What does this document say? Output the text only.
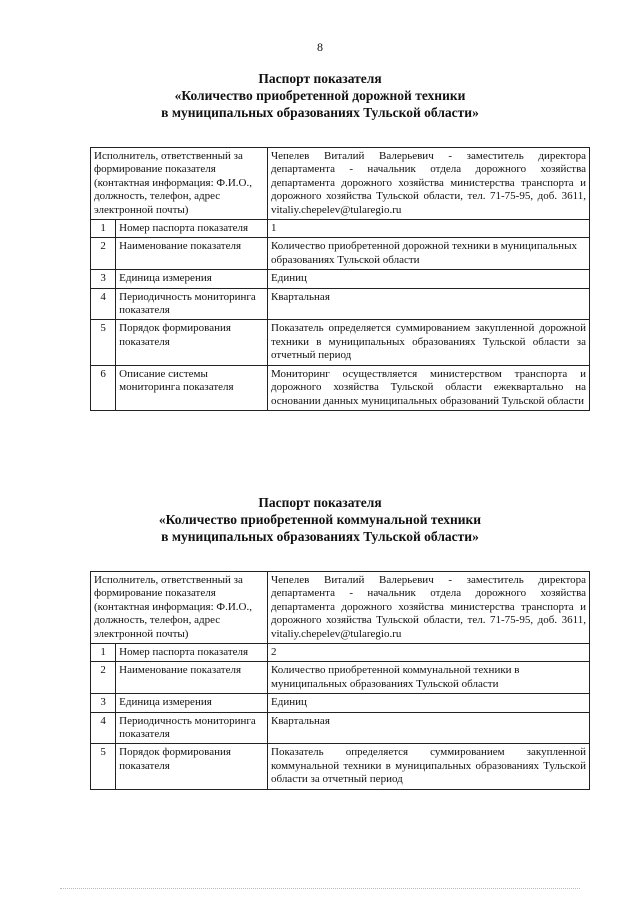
8
Паспорт показателя
«Количество приобретенной дорожной техники
в муниципальных образованиях Тульской области»
Исполнитель, ответственный за формирование показателя (контактная информация: Ф.И.О., должность, телефон, адрес электронной почты)		Чепелев Виталий Валерьевич - заместитель директора департамента - начальник отдела дорожного хозяйства департамента дорожного хозяйства министерства транспорта и дорожного хозяйства Тульской области, тел. 71-75-95, доб. 3611, vitaliy.chepelev@tularegio.ru
1	Номер паспорта показателя	1
2	Наименование показателя	Количество приобретенной дорожной техники в муниципальных образованиях Тульской области
3	Единица измерения	Единиц
4	Периодичность мониторинга показателя	Квартальная
5	Порядок формирования показателя	Показатель определяется суммированием закупленной дорожной техники в муниципальных образованиях Тульской области за отчетный период
6	Описание системы мониторинга показателя	Мониторинг осуществляется министерством транспорта и дорожного хозяйства Тульской области ежеквартально на основании данных муниципальных образований Тульской области
Паспорт показателя
«Количество приобретенной коммунальной техники
в муниципальных образованиях Тульской области»
Исполнитель, ответственный за формирование показателя (контактная информация: Ф.И.О., должность, телефон, адрес электронной почты)		Чепелев Виталий Валерьевич - заместитель директора департамента - начальник отдела дорожного хозяйства департамента дорожного хозяйства министерства транспорта и дорожного хозяйства Тульской области, тел. 71-75-95, доб. 3611, vitaliy.chepelev@tularegio.ru
1	Номер паспорта показателя	2
2	Наименование показателя	Количество приобретенной коммунальной техники в муниципальных образованиях Тульской области
3	Единица измерения	Единиц
4	Периодичность мониторинга показателя	Квартальная
5	Порядок формирования показателя	Показатель определяется суммированием закупленной коммунальной техники в муниципальных образованиях Тульской области за отчетный период
